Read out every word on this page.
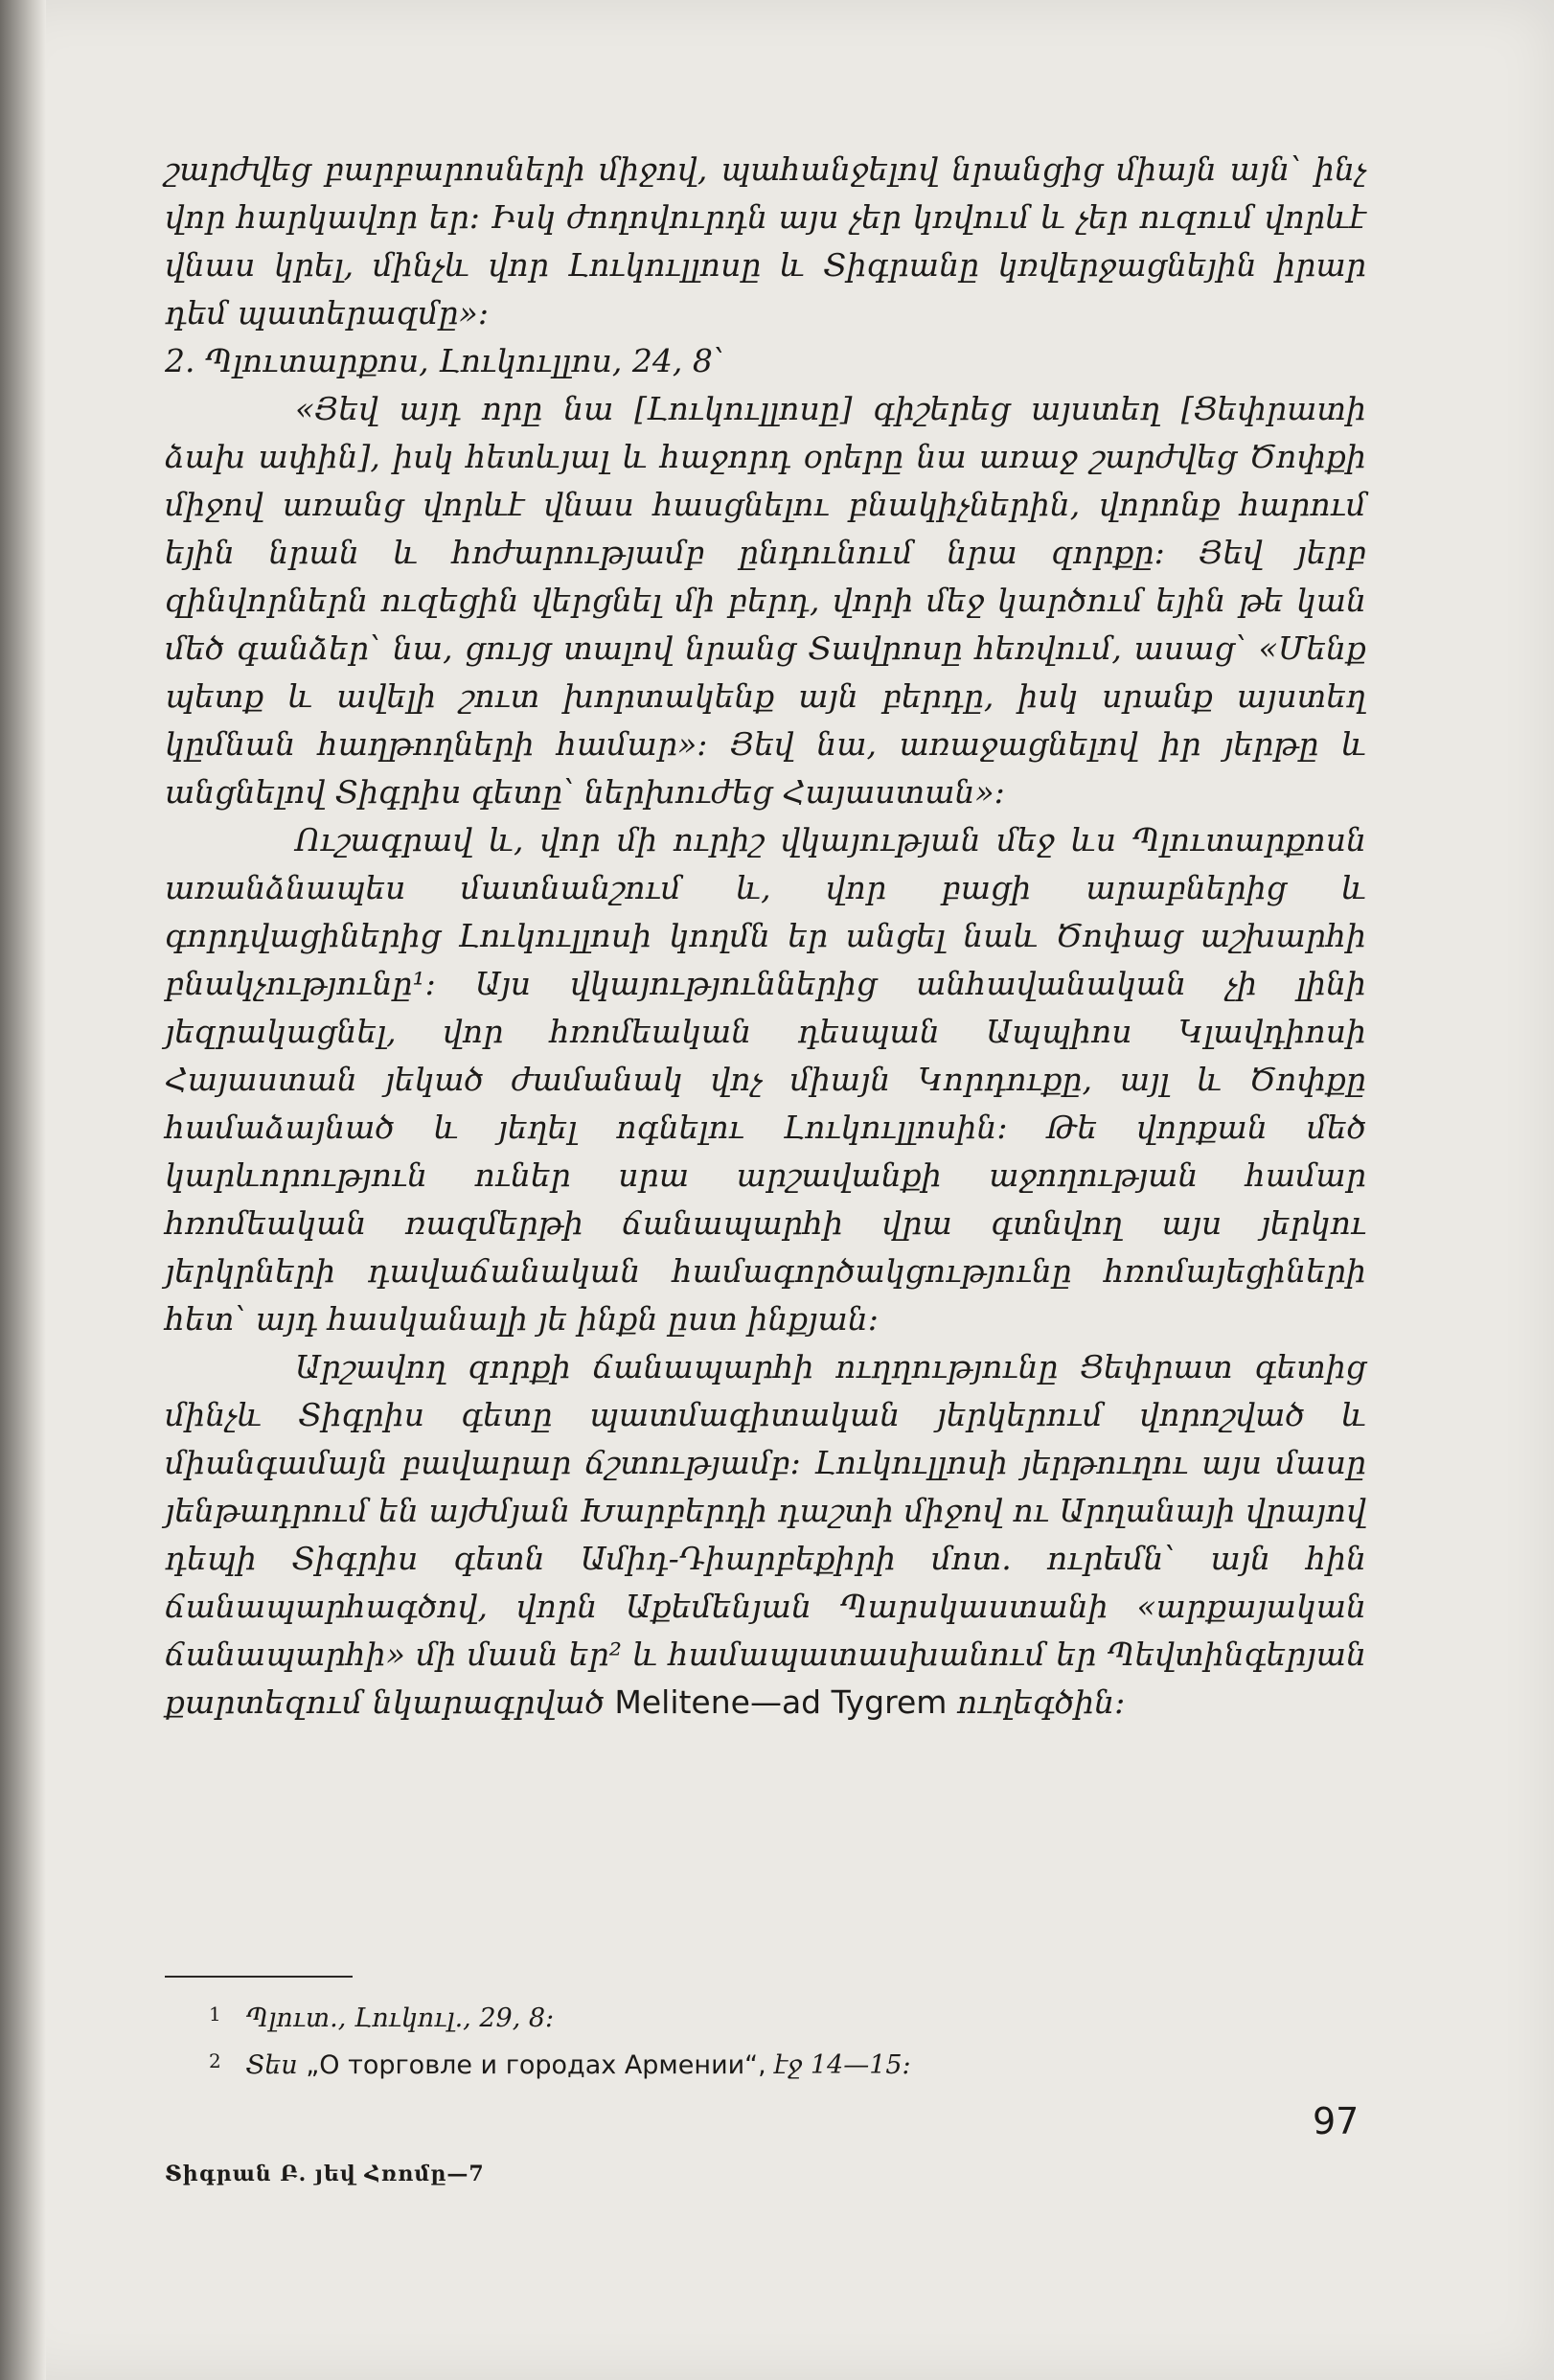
շարժվեց բարբարոսների միջով, պահանջելով նրանցից միայն այն՝ ինչ վոր հարկավոր եր։ Իսկ ժողովուրդն այս չեր կռվում և չեր ուզում վորևէ վնաս կրել, մինչև վոր Լուկուլլոսը և Տիգրանը կռվերջացնեյին իրար դեմ պատերազմը»։

2. Պլուտարքոս, Լուկուլլոս, 24, 8՝

«Յեվ այդ որը նա [Լուկուլլոսը] գիշերեց այստեղ [Ցեփրատի ձախ ափին], իսկ հետևյալ և հաջորդ օրերը նա առաջ շարժվեց Ծոփքի միջով առանց վորևէ վնաս հասցնելու բնակիչներին, վորոնք հարում եյին նրան և հոժարությամբ ընդունում նրա զորքը։ Յեվ յերբ զինվորներն ուզեցին վերցնել մի բերդ, վորի մեջ կարծում եյին թե կան մեծ գանձեր՝ նա, ցույց տալով նրանց Տավրոսը հեռվում, ասաց՝ «Մենք պետք և ավելի շուտ խորտակենք այն բերդը, իսկ սրանք այստեղ կըմնան հաղթողների համար»։ Յեվ նա, առաջացնելով իր յերթը և անցնելով Տիգրիս գետը՝ ներխուժեց Հայաստան»։

Ուշագրավ և, վոր մի ուրիշ վկայության մեջ ևս Պլուտարքոսն առանձնապես մատնանշում և, վոր բացի արաբներից և գորդվացիներից Լուկուլլոսի կողմն եր անցել նաև Ծոփաց աշխարհի բնակչությունը¹։ Այս վկայություններից անհավանական չի լինի յեզրակացնել, վոր հռոմեական դեսպան Ապպիոս Կլավդիոսի Հայաստան յեկած ժամանակ վոչ միայն Կորդուքը, այլ և Ծոփքը համաձայնած և յեղել ոգնելու Լուկուլլոսին։ Թե վորքան մեծ կարևորություն ուներ սրա արշավանքի աջողության համար հռոմեական ռազմերթի ճանապարհի վրա գտնվող այս յերկու յերկրների դավաճանական համագործակցությունը հռոմայեցիների հետ՝ այդ հասկանալի յե ինքն ըստ ինքյան։

Արշավող զորքի ճանապարհի ուղղությունը Ցեփրատ գետից մինչև Տիգրիս գետը պատմագիտական յերկերում վորոշված և միանգամայն բավարար ճշտությամբ։ Լուկուլլոսի յերթուղու այս մասը յենթադրում են այժմյան Խարբերդի դաշտի միջով ու Արղանայի վրայով դեպի Տիգրիս գետն Ամիդ-Դիարբեքիրի մոտ. ուրեմն՝ այն հին ճանապարհագծով, վորն Աքեմենյան Պարսկաստանի «արքայական ճանապարհի» մի մասն եր² և համապատասխանում եր Պեվտինգերյան քարտեզում նկարագրված Melitene—ad Tygrem ուղեգծին։

1 Պլուտ., Լուկուլ., 29, 8։
2 Տես „О торговле и городах Армении“, էջ 14—15։
97
Տիգրան Բ. յեվ Հռոմը—7
